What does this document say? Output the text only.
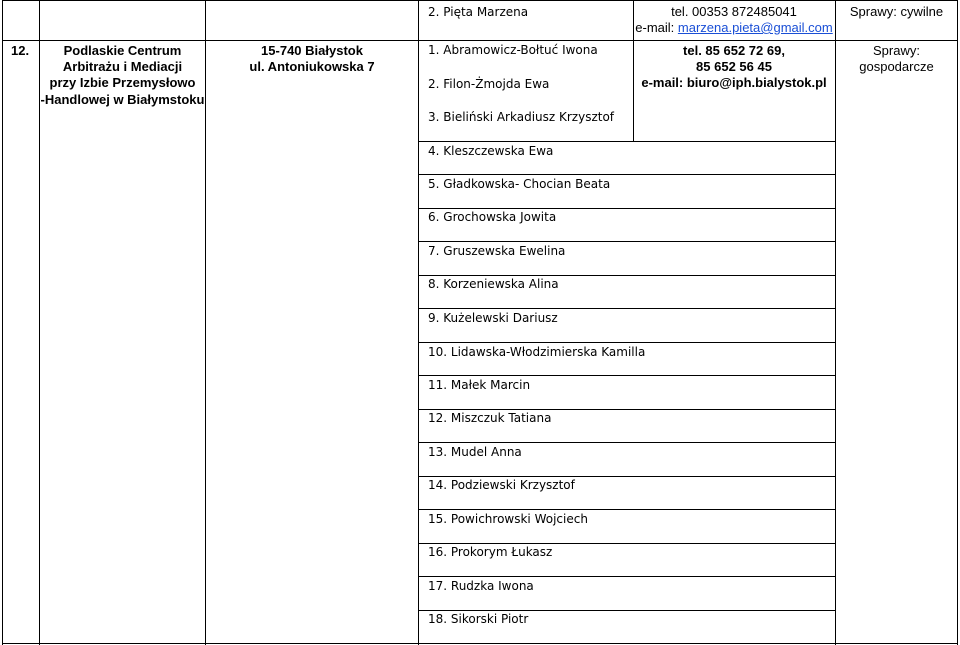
2. Pięta Marzena	tel. 00353 872485041
e-mail: marzena.pieta@gmail.com
Sprawy: cywilne
12.	Podlaskie Centrum
Arbitrażu i Mediacji
przy Izbie Przemysłowo
-Handlowej w Białymstoku
15-740 Białystok
ul. Antoniukowska 7
tel. 85 652 72 69,
85 652 56 45
e-mail: biuro@iph.bialystok.pl
Sprawy:
gospodarcze
1. Abramowicz-Bołtuć Iwona
2. Filon-Żmojda Ewa
3. Bieliński Arkadiusz Krzysztof
4. Kleszczewska Ewa
5. Gładkowska- Chocian Beata
6. Grochowska Jowita
7. Gruszewska Ewelina
8. Korzeniewska Alina
9. Kużelewski Dariusz
10. Lidawska-Włodzimierska Kamilla
11. Małek Marcin
12. Miszczuk Tatiana
13. Mudel Anna
14. Podziewski Krzysztof
15. Powichrowski Wojciech
16. Prokorym Łukasz
17. Rudzka Iwona
18. Sikorski Piotr
